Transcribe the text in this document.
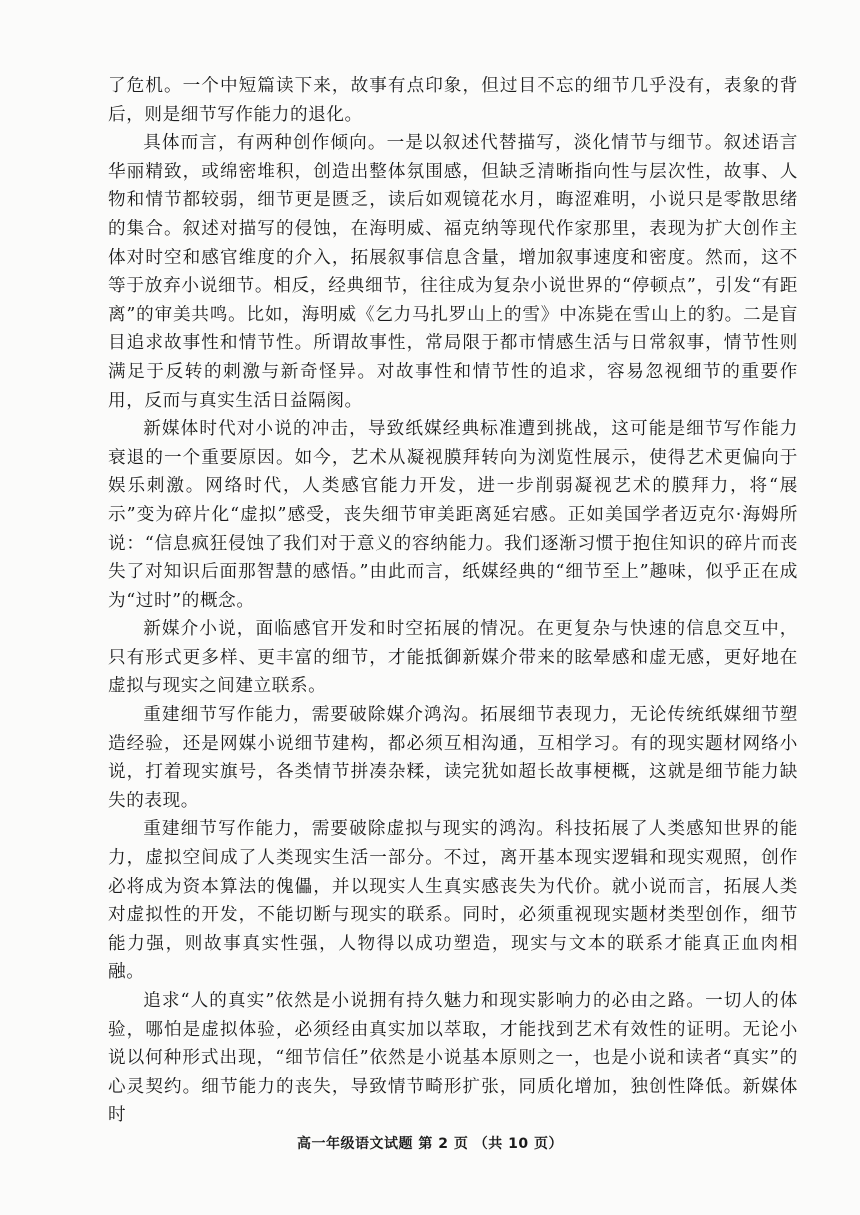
了危机。一个中短篇读下来，故事有点印象，但过目不忘的细节几乎没有，表象的背后，则是细节写作能力的退化。

具体而言，有两种创作倾向。一是以叙述代替描写，淡化情节与细节。叙述语言华丽精致，或绵密堆积，创造出整体氛围感，但缺乏清晰指向性与层次性，故事、人物和情节都较弱，细节更是匮乏，读后如观镜花水月，晦涩难明，小说只是零散思绪的集合。叙述对描写的侵蚀，在海明威、福克纳等现代作家那里，表现为扩大创作主体对时空和感官维度的介入，拓展叙事信息含量，增加叙事速度和密度。然而，这不等于放弃小说细节。相反，经典细节，往往成为复杂小说世界的“停顿点”，引发“有距离”的审美共鸣。比如，海明威《乞力马扎罗山上的雪》中冻毙在雪山上的豹。二是盲目追求故事性和情节性。所谓故事性，常局限于都市情感生活与日常叙事，情节性则满足于反转的刺激与新奇怪异。对故事性和情节性的追求，容易忽视细节的重要作用，反而与真实生活日益隔阂。

新媒体时代对小说的冲击，导致纸媒经典标准遭到挑战，这可能是细节写作能力衰退的一个重要原因。如今，艺术从凝视膜拜转向为浏览性展示，使得艺术更偏向于娱乐刺激。网络时代，人类感官能力开发，进一步削弱凝视艺术的膜拜力，将“展示”变为碎片化“虚拟”感受，丧失细节审美距离延宕感。正如美国学者迈克尔·海姆所说：“信息疯狂侵蚀了我们对于意义的容纳能力。我们逐渐习惯于抱住知识的碎片而丧失了对知识后面那智慧的感悟。”由此而言，纸媒经典的“细节至上”趣味，似乎正在成为“过时”的概念。

新媒介小说，面临感官开发和时空拓展的情况。在更复杂与快速的信息交互中，只有形式更多样、更丰富的细节，才能抵御新媒介带来的眩晕感和虚无感，更好地在虚拟与现实之间建立联系。

重建细节写作能力，需要破除媒介鸿沟。拓展细节表现力，无论传统纸媒细节塑造经验，还是网媒小说细节建构，都必须互相沟通，互相学习。有的现实题材网络小说，打着现实旗号，各类情节拼凑杂糅，读完犹如超长故事梗概，这就是细节能力缺失的表现。

重建细节写作能力，需要破除虚拟与现实的鸿沟。科技拓展了人类感知世界的能力，虚拟空间成了人类现实生活一部分。不过，离开基本现实逻辑和现实观照，创作必将成为资本算法的傀儡，并以现实人生真实感丧失为代价。就小说而言，拓展人类对虚拟性的开发，不能切断与现实的联系。同时，必须重视现实题材类型创作，细节能力强，则故事真实性强，人物得以成功塑造，现实与文本的联系才能真正血肉相融。

追求“人的真实”依然是小说拥有持久魅力和现实影响力的必由之路。一切人的体验，哪怕是虚拟体验，必须经由真实加以萃取，才能找到艺术有效性的证明。无论小说以何种形式出现，“细节信任”依然是小说基本原则之一，也是小说和读者“真实”的心灵契约。细节能力的丧失，导致情节畸形扩张，同质化增加，独创性降低。新媒体时

高一年级语文试题 第 2 页 （共 10 页）
